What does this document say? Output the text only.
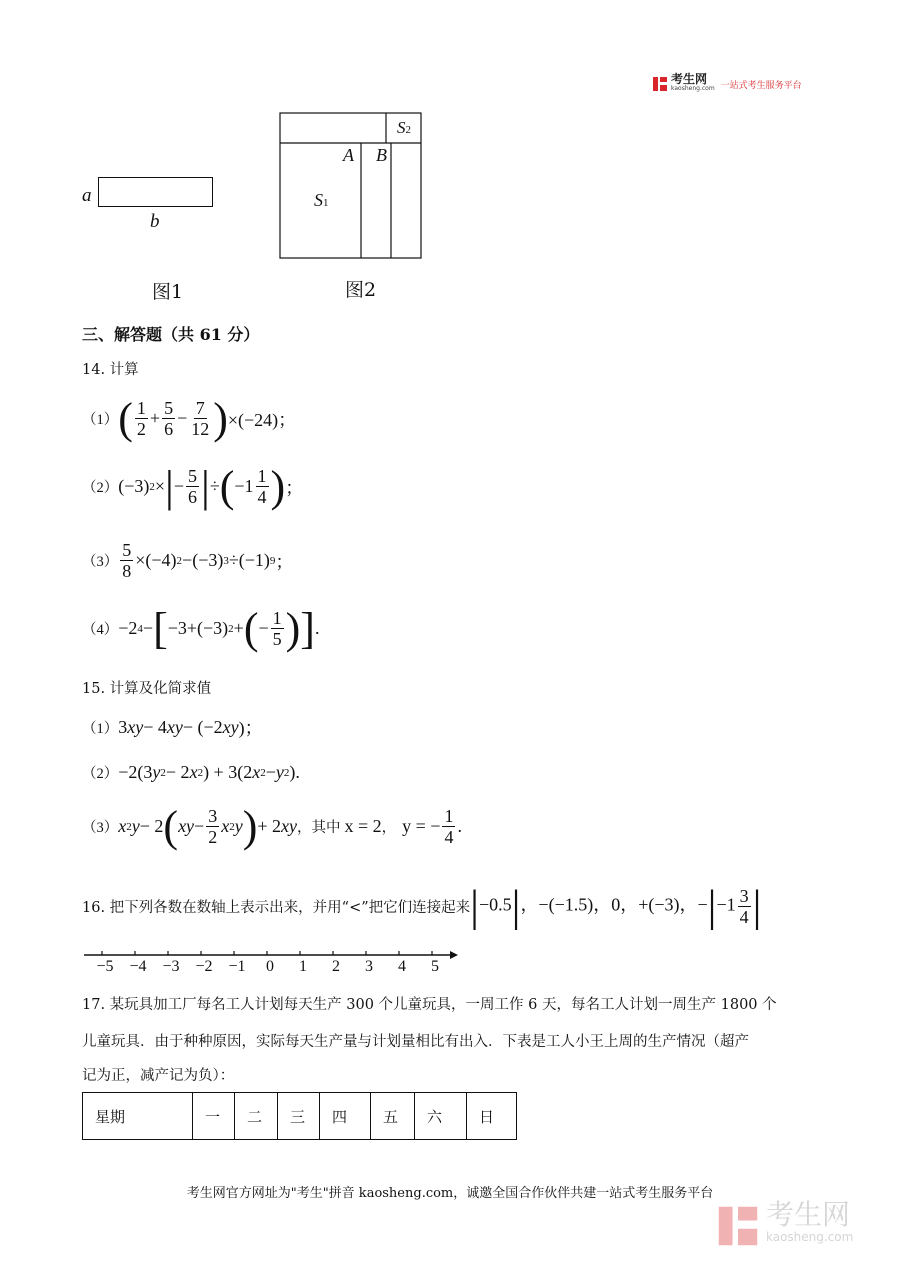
考生网
kaosheng.com 一站式考生服务平台
a
b
图1
S2
A B
S1
图2
三、解答题（共 61 分）
14. 计算
（1） ( $\frac{1}{2} + \frac{5}{6} - \frac{7}{12}$ ) ×(−24)；
（2） (−3) 2 × | − $\frac{5}{6}$ | ÷ ( $-1 \frac{1}{4}$ ) ；
$(3) \frac{5}{8} \times(-4)$ 2 −(−3) 3 ÷(−1) 9 ；
（4） −2 4 − [ −3+(−3) 2 + ( − $\frac{1}{5}$ ) ] .
15. 计算及化简求值
（1） 3 xy − 4 xy − (−2 xy )；
（2） −2(3 y 2 − 2 x 2 ) + 3(2 x 2 − y 2 ).
（3） x 2 y − 2 ( xy − $\frac{3}{2}$ x 2 y ) + 2 xy ，其中 x = 2 ， y = − $\frac{1}{4}$ .
16. 把下列各数在数轴上表示出来，并用“<”把它们连接起来 |−0.5|，−(−1.5)，0，+(−3)，$-|-1 \frac{3}{4}$ |
−5 −4 −3 −2 −1	0	1	2	3	4	5
17. 某玩具加工厂每名工人计划每天生产 300 个儿童玩具，一周工作 6 天，每名工人计划一周生产 1800 个
儿童玩具．由于种种原因，实际每天生产量与计划量相比有出入．下表是工人小王上周的生产情况（超产
记为正，减产记为负）：
星期	一	二	三	四	五	六	日
考生网官方网址为"考生"拼音 kaosheng.com，诚邀全国合作伙伴共建一站式考生服务平台
考生网
kaosheng.com
